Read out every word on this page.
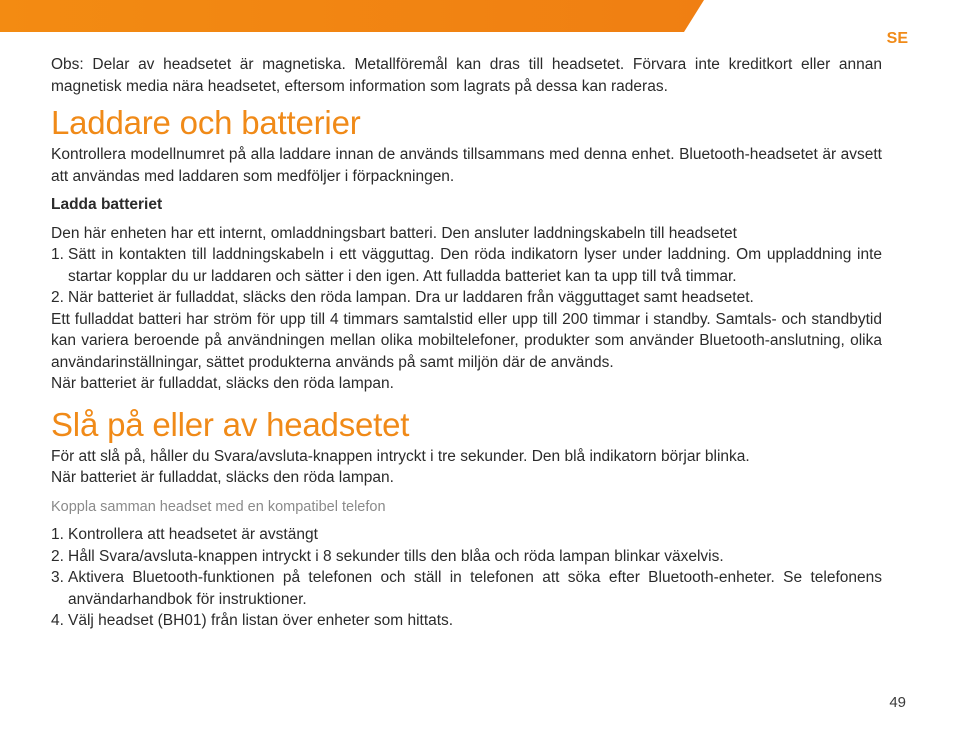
SE

Obs: Delar av headsetet är magnetiska. Metallföremål kan dras till headsetet. Förvara inte kreditkort eller annan magnetisk media nära headsetet, eftersom information som lagrats på dessa kan raderas.

Laddare och batterier

Kontrollera modellnumret på alla laddare innan de används tillsammans med denna enhet. Bluetooth-headsetet är avsett att användas med laddaren som medföljer i förpackningen.

Ladda batteriet

Den här enheten har ett internt, omladdningsbart batteri. Den ansluter laddningskabeln till headsetet

1. Sätt in kontakten till laddningskabeln i ett vägguttag. Den röda indikatorn lyser under laddning. Om uppladdning inte startar kopplar du ur laddaren och sätter i den igen. Att fulladda batteriet kan ta upp till två timmar.
2. När batteriet är fulladdat, släcks den röda lampan. Dra ur laddaren från vägguttaget samt headsetet.

Ett fulladdat batteri har ström för upp till 4 timmars samtalstid eller upp till 200 timmar i standby. Samtals- och standbytid kan variera beroende på användningen mellan olika mobiltelefoner, produkter som använder Bluetooth-anslutning, olika användarinställningar, sättet produkterna används på samt miljön där de används.

När batteriet är fulladdat, släcks den röda lampan.

Slå på eller av headsetet

För att slå på, håller du Svara/avsluta-knappen intryckt i tre sekunder. Den blå indikatorn börjar blinka.

När batteriet är fulladdat, släcks den röda lampan.

Koppla samman headset med en kompatibel telefon

1. Kontrollera att headsetet är avstängt
2. Håll Svara/avsluta-knappen intryckt i 8 sekunder tills den blåa och röda lampan blinkar växelvis.
3. Aktivera Bluetooth-funktionen på telefonen och ställ in telefonen att söka efter Bluetooth-enheter. Se telefonens användarhandbok för instruktioner.
4. Välj headset (BH01) från listan över enheter som hittats.
49
